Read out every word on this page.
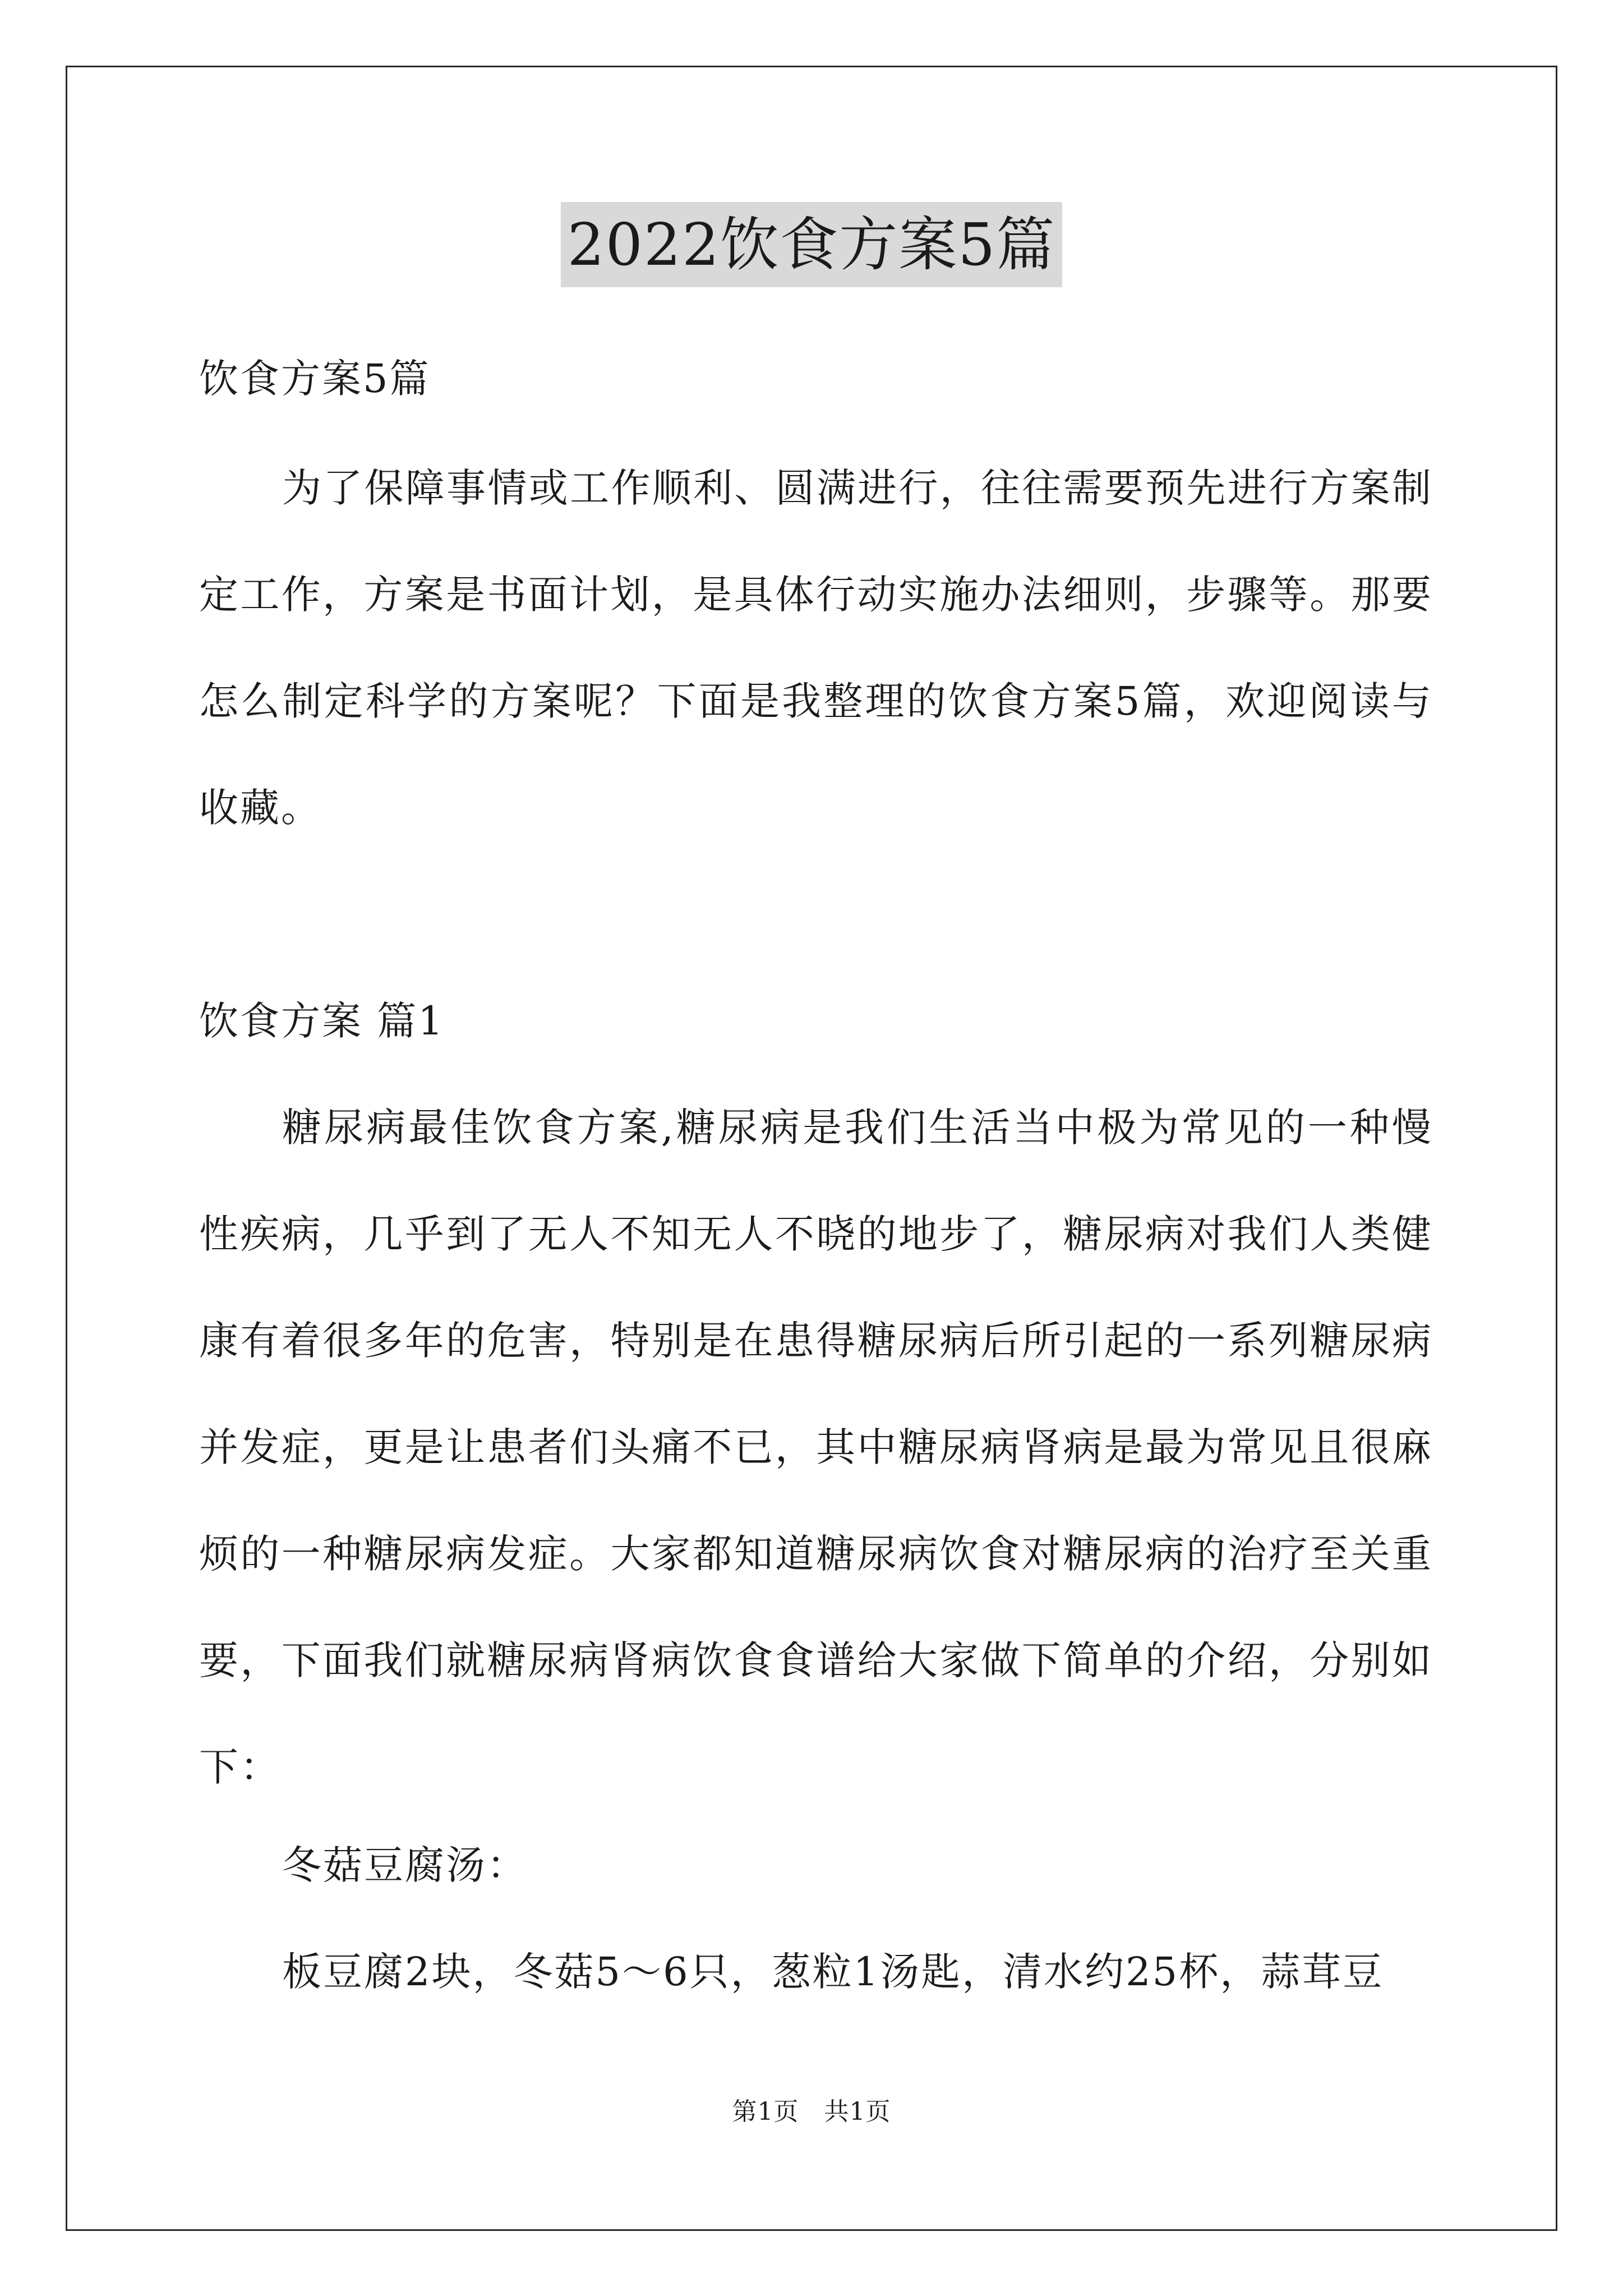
2022饮食方案5篇
饮食方案5篇
为了保障事情或工作顺利、圆满进行，往往需要预先进行方案制定工作，方案是书面计划，是具体行动实施办法细则，步骤等。那要怎么制定科学的方案呢？下面是我整理的饮食方案5篇，欢迎阅读与收藏。
饮食方案 篇1
糖尿病最佳饮食方案,糖尿病是我们生活当中极为常见的一种慢性疾病，几乎到了无人不知无人不晓的地步了，糖尿病对我们人类健康有着很多年的危害，特别是在患得糖尿病后所引起的一系列糖尿病并发症，更是让患者们头痛不已，其中糖尿病肾病是最为常见且很麻烦的一种糖尿病发症。大家都知道糖尿病饮食对糖尿病的治疗至关重要，下面我们就糖尿病肾病饮食食谱给大家做下简单的介绍，分别如下：
冬菇豆腐汤：
板豆腐2块，冬菇5～6只，葱粒1汤匙，清水约25杯，蒜茸豆
第1页　共1页
